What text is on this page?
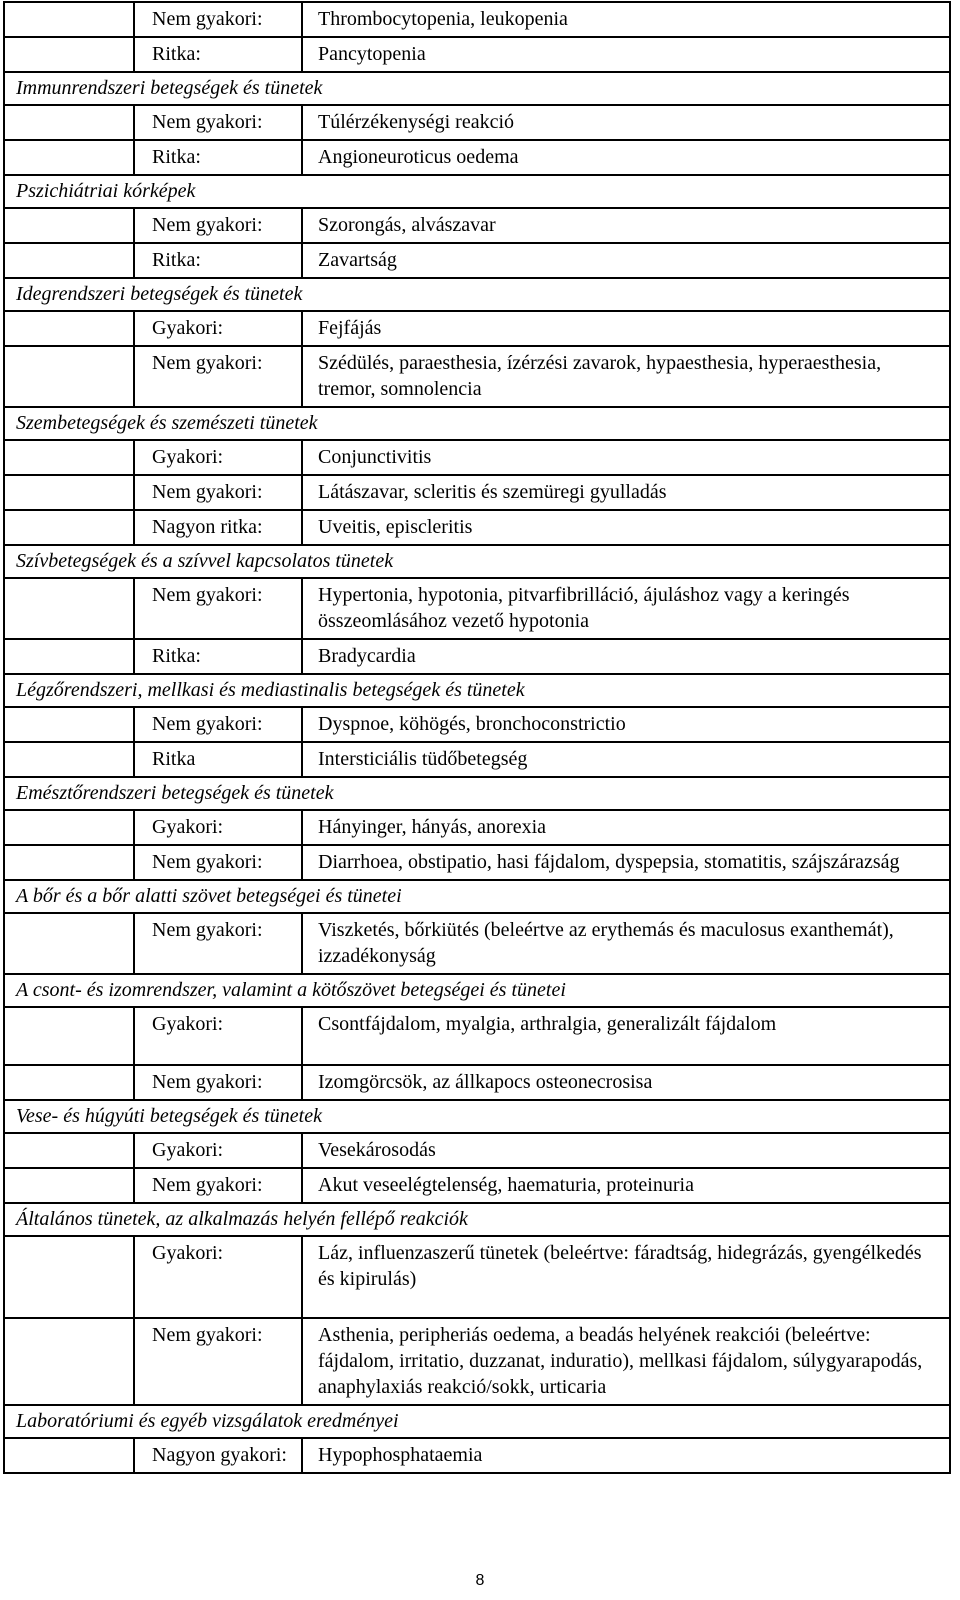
	Nem gyakori:	Thrombocytopenia, leukopenia
	Ritka:	Pancytopenia
Immunrendszeri betegségek és tünetek		
	Nem gyakori:	Túlérzékenységi reakció
	Ritka:	Angioneuroticus oedema
Pszichiátriai kórképek		
	Nem gyakori:	Szorongás, alvászavar
	Ritka:	Zavartság
Idegrendszeri betegségek és tünetek		
	Gyakori:	Fejfájás
	Nem gyakori:	Szédülés, paraesthesia, ízérzési zavarok, hypaesthesia, hyperaesthesia, tremor, somnolencia
Szembetegségek és szemészeti tünetek		
	Gyakori:	Conjunctivitis
	Nem gyakori:	Látászavar, scleritis és szemüregi gyulladás
	Nagyon ritka:	Uveitis, episcleritis
Szívbetegségek és a szívvel kapcsolatos tünetek		
	Nem gyakori:	Hypertonia, hypotonia, pitvarfibrilláció, ájuláshoz vagy a keringés összeomlásához vezető hypotonia
	Ritka:	Bradycardia
Légzőrendszeri, mellkasi és mediastinalis betegségek és tünetek		
	Nem gyakori:	Dyspnoe, köhögés, bronchoconstrictio
	Ritka	Intersticiális tüdőbetegség
Emésztőrendszeri betegségek és tünetek		
	Gyakori:	Hányinger, hányás, anorexia
	Nem gyakori:	Diarrhoea, obstipatio, hasi fájdalom, dyspepsia, stomatitis, szájszárazság
A bőr és a bőr alatti szövet betegségei és tünetei		
	Nem gyakori:	Viszketés, bőrkiütés (beleértve az erythemás és maculosus exanthemát), izzadékonyság
A csont- és izomrendszer, valamint a kötőszövet betegségei és tünetei		
	Gyakori:	Csontfájdalom, myalgia, arthralgia, generalizált fájdalom
	Nem gyakori:	Izomgörcsök, az állkapocs osteonecrosisa
Vese- és húgyúti betegségek és tünetek		
	Gyakori:	Vesekárosodás
	Nem gyakori:	Akut veseelégtelenség, haematuria, proteinuria
Általános tünetek, az alkalmazás helyén fellépő reakciók		
	Gyakori:	Láz, influenzaszerű tünetek (beleértve: fáradtság, hidegrázás, gyengélkedés és kipirulás)
	Nem gyakori:	Asthenia, peripheriás oedema, a beadás helyének reakciói (beleértve: fájdalom, irritatio, duzzanat, induratio), mellkasi fájdalom, súlygyarapodás, anaphylaxiás reakció/sokk, urticaria
Laboratóriumi és egyéb vizsgálatok eredményei		
	Nagyon gyakori:	Hypophosphataemia
8
